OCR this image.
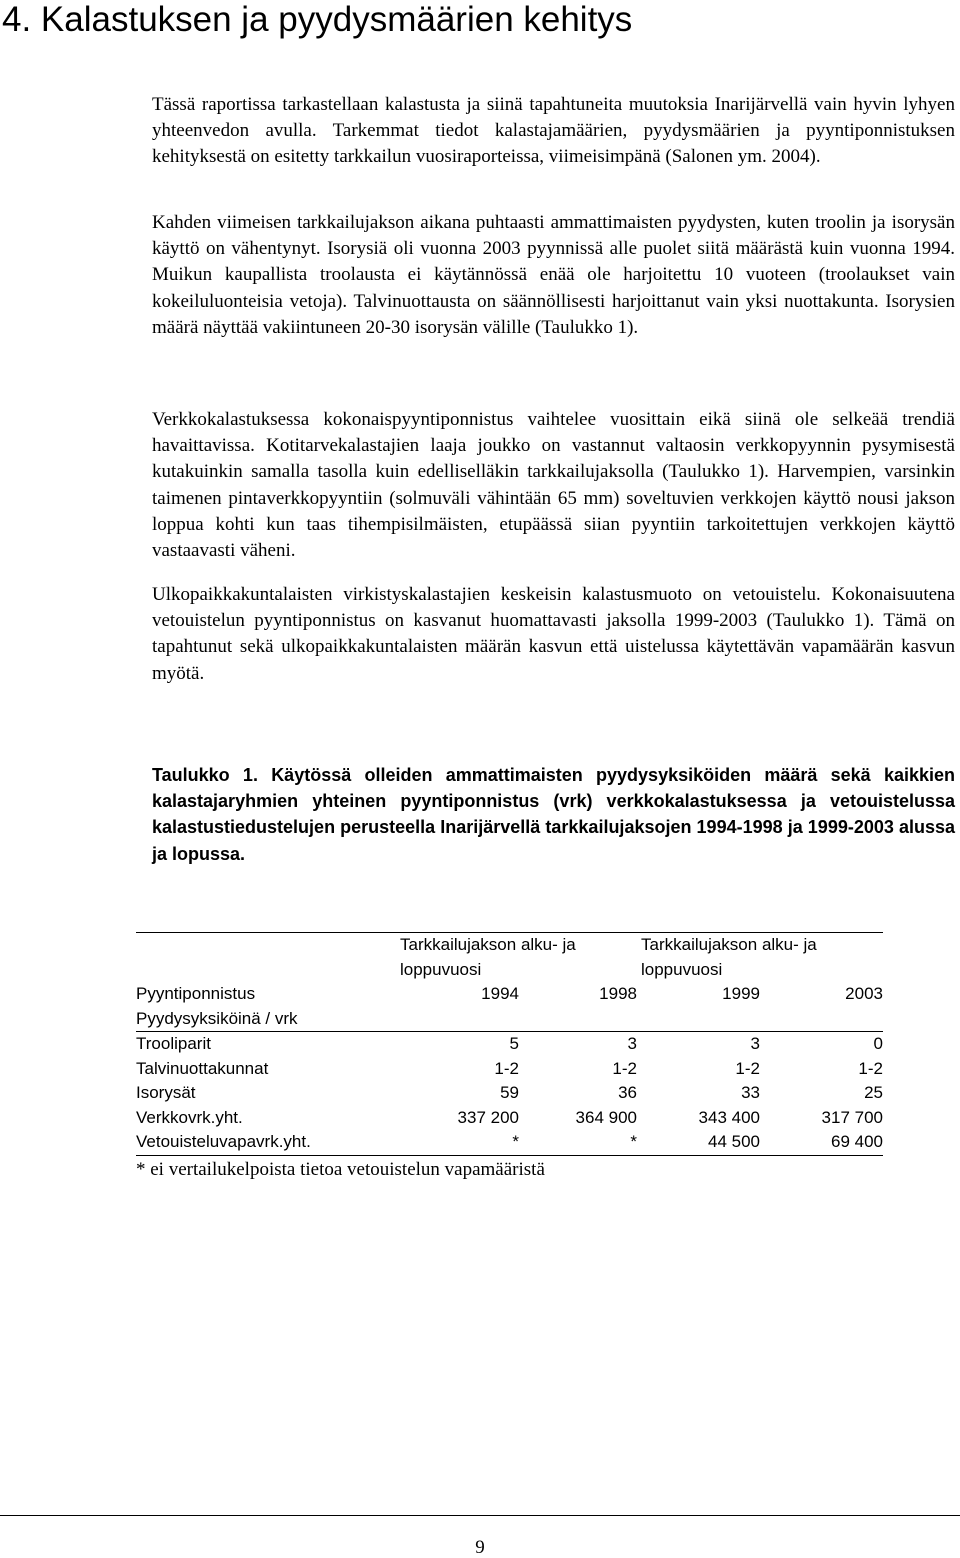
4. Kalastuksen ja pyydysmäärien kehitys

Tässä raportissa tarkastellaan kalastusta ja siinä tapahtuneita muutoksia Inarijärvellä vain hyvin lyhyen yhteenvedon avulla. Tarkemmat tiedot kalastajamäärien, pyydysmäärien ja pyyntiponnistuksen kehityksestä on esitetty tarkkailun vuosiraporteissa, viimeisimpänä (Salonen ym. 2004).

Kahden viimeisen tarkkailujakson aikana puhtaasti ammattimaisten pyydysten, kuten troolin ja isorysän käyttö on vähentynyt. Isorysiä oli vuonna 2003 pyynnissä alle puolet siitä määrästä kuin vuonna 1994. Muikun kaupallista troolausta ei käytännössä enää ole harjoitettu 10 vuoteen (troolaukset vain kokeiluluonteisia vetoja). Talvinuottausta on säännöllisesti harjoittanut vain yksi nuottakunta. Isorysien määrä näyttää vakiintuneen 20-30 isorysän välille (Taulukko 1).

Verkkokalastuksessa kokonaispyyntiponnistus vaihtelee vuosittain eikä siinä ole selkeää trendiä havaittavissa. Kotitarvekalastajien laaja joukko on vastannut valtaosin verkkopyynnin pysymisestä kutakuinkin samalla tasolla kuin edelliselläkin tarkkailujaksolla (Taulukko 1). Harvempien, varsinkin taimenen pintaverkkopyyntiin (solmuväli vähintään 65 mm) soveltuvien verkkojen käyttö nousi jakson loppua kohti kun taas tihempisilmäisten, etupäässä siian pyyntiin tarkoitettujen verkkojen käyttö vastaavasti väheni.

Ulkopaikkakuntalaisten virkistyskalastajien keskeisin kalastusmuoto on vetouistelu. Kokonaisuutena vetouistelun pyyntiponnistus on kasvanut huomattavasti jaksolla 1999-2003 (Taulukko 1). Tämä on tapahtunut sekä ulkopaikkakuntalaisten määrän kasvun että uistelussa käytettävän vapamäärän kasvun myötä.

Taulukko 1. Käytössä olleiden ammattimaisten pyydysyksiköiden määrä sekä kaikkien kalastajaryhmien yhteinen pyyntiponnistus (vrk) verkkokalastuksessa ja vetouistelussa kalastustiedustelujen perusteella Inarijärvellä tarkkailujaksojen 1994-1998 ja 1999-2003 alussa ja lopussa.

	Tarkkailujakson alku- ja loppuvuosi		Tarkkailujakson alku- ja loppuvuosi	
Pyyntiponnistus	1994	1998	1999	2003
Pyydysyksiköinä / vrk				
Trooliparit	5	3	3	0
Talvinuottakunnat	1-2	1-2	1-2	1-2
Isorysät	59	36	33	25
Verkkovrk.yht.	337 200	364 900	343 400	317 700
Vetouisteluvapavrk.yht.	*	*	44 500	69 400

* ei vertailukelpoista tietoa vetouistelun vapamääristä

9
